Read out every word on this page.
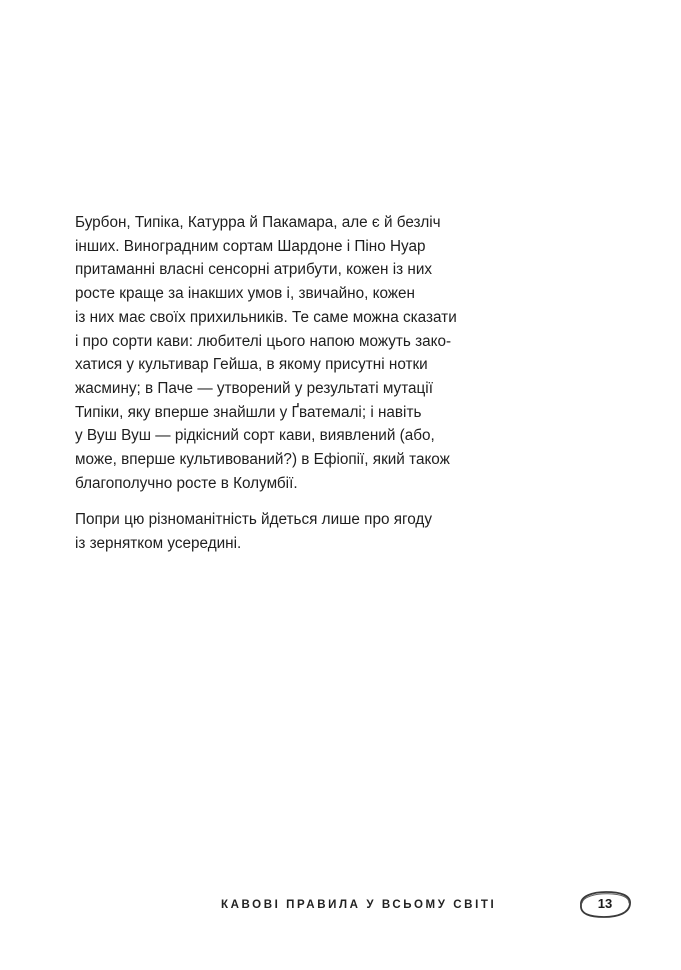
Бурбон, Типіка, Катурра й Пакамара, але є й безліч
інших. Виноградним сортам Шардоне і Піно Нуар
притаманні власні сенсорні атрибути, кожен із них
росте краще за інакших умов і, звичайно, кожен
із них має своїх прихильників. Те саме можна сказати
і про сорти кави: любителі цього напою можуть зако-
хатися у культивар Гейша, в якому присутні нотки
жасмину; в Паче — утворений у результаті мутації
Типіки, яку вперше знайшли у Ґватемалі; і навіть
у Вуш Вуш — рідкісний сорт кави, виявлений (або,
може, вперше культивований?) в Ефіопії, який також
благополучно росте в Колумбії.
Попри цю різноманітність йдеться лише про ягоду
із зернятком усередині.
КАВОВІ ПРАВИЛА У ВСЬОМУ СВІТІ	13
